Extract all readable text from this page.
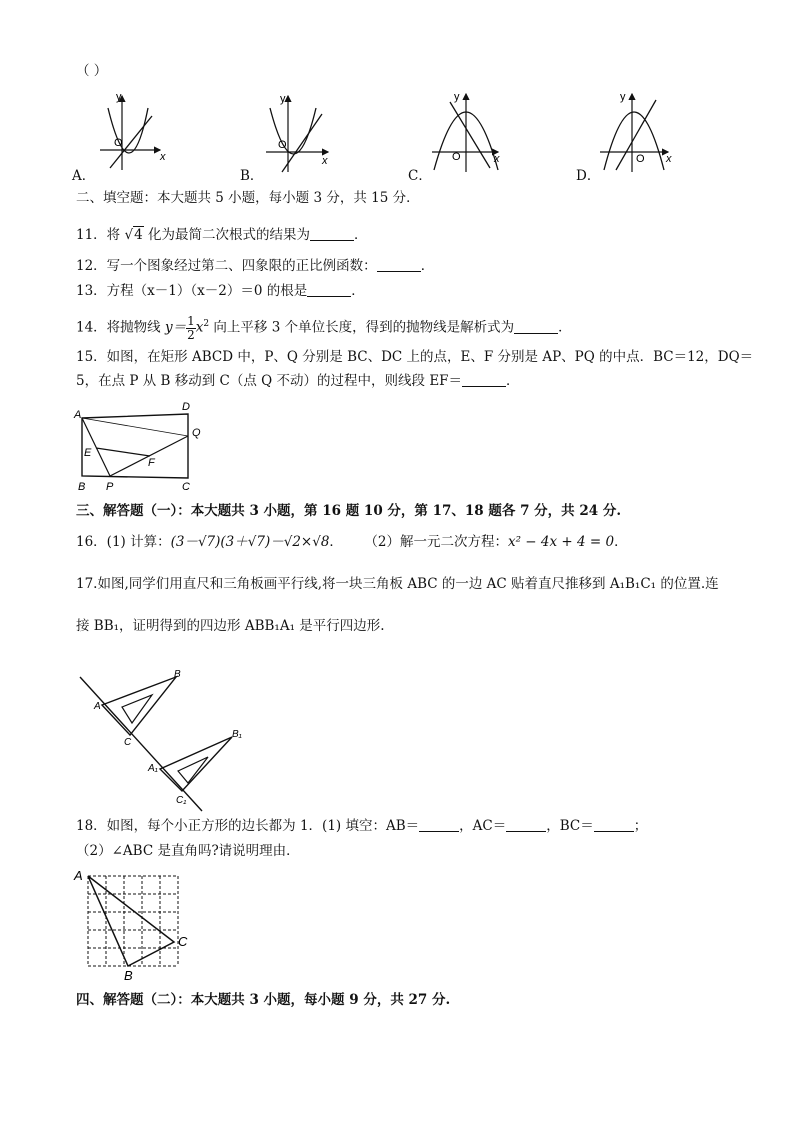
（ ）
y
x
O
y
x
O
y
x
O
y
x
O
A．	B．	C．	D．
二、填空题：本大题共 5 小题，每小题 3 分，共 15 分．
11．将 √4 化为最简二次根式的结果为	．
12．写一个图象经过第二、四象限的正比例函数：	．
13．方程（x－1）（x－2）＝0 的根是	．
14．将抛物线 $y= \frac{1}{2} x^2$ 向上平移 3 个单位长度，得到的抛物线是解析式为	．
15．如图，在矩形 ABCD 中，P、Q 分别是 BC、DC 上的点，E、F 分别是 AP、PQ 的中点．BC＝12，DQ＝
5，在点 P 从 B 移动到 C（点 Q 不动）的过程中，则线段 EF＝	．
A
D
Q
E
F
B P	C
三、解答题（一）：本大题共 3 小题，第 16 题 10 分，第 17、18 题各 7 分，共 24 分.
16．(1) 计算：(3－√7)(3＋√7)－√2×√8． （2）解一元二次方程：x² − 4x + 4 = 0．
17.如图,同学们用直尺和三角板画平行线,将一块三角板 ABC 的一边 AC 贴着直尺推移到 A₁B₁C₁ 的位置.连
接 BB₁，证明得到的四边形 ABB₁A₁ 是平行四边形.
A
B
C
A₁
B₁
C₁
18．如图，每个小正方形的边长都为 1．(1) 填空：AB＝	，AC＝	，BC＝	；
（2）∠ABC 是直角吗?请说明理由．
A
B
C
四、解答题（二）：本大题共 3 小题，每小题 9 分，共 27 分.
